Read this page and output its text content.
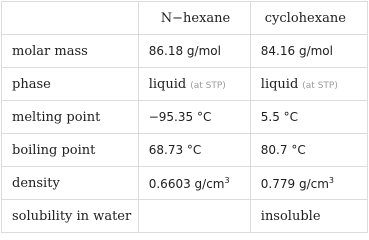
	N−hexane	cyclohexane
molar mass	86.18 g/mol	84.16 g/mol
phase	liquid (at STP)	liquid (at STP)
melting point	−95.35 °C	5.5 °C
boiling point	68.73 °C	80.7 °C
density	0.6603 $g/cm^3$	0.779 $g/cm^3$
solubility in water		insoluble
